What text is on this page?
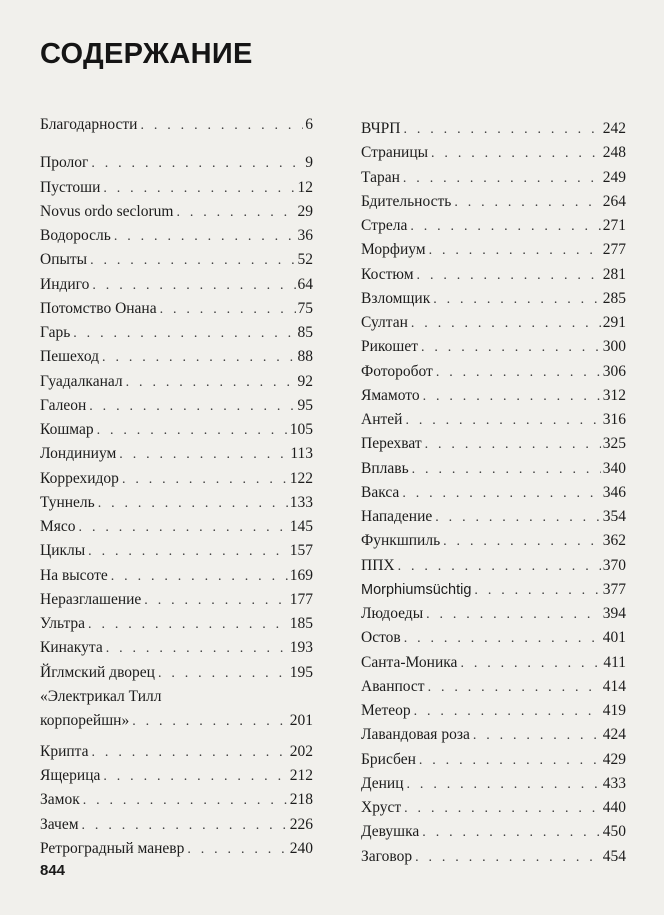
СОДЕРЖАНИЕ
Благодарности . . .	6
Пролог . . .	9
Пустоши . . .	12
Novus ordo seclorum . . .	29
Водоросль . . .	36
Опыты . . .	52
Индиго . . .	64
Потомство Онана . . .	75
Гарь . . .	85
Пешеход . . .	88
Гуадалканал . . .	92
Галеон . . .	95
Кошмар . . .	105
Лондиниум . . .	113
Коррехидор . . .	122
Туннель . . .	133
Мясо . . .	145
Циклы . . .	157
На высоте . . .	169
Неразглашение . . .	177
Ультра . . .	185
Кинакута . . .	193
Йглмский дворец . . .	195
«Электрикал Тилл
корпорейшн» . . .	201
Крипта . . .	202
Ящерица . . .	212
Замок . . .	218
Зачем . . .	226
Ретроградный маневр . . .	240
ВЧРП . . .	242
Страницы . . .	248
Таран . . .	249
Бдительность . . .	264
Стрела . . .	271
Морфиум . . .	277
Костюм . . .	281
Взломщик . . .	285
Султан . . .	291
Рикошет . . .	300
Фоторобот . . .	306
Ямамото . . .	312
Антей . . .	316
Перехват . . .	325
Вплавь . . .	340
Вакса . . .	346
Нападение . . .	354
Функшпиль . . .	362
ППХ . . .	370
Morphiumsüchtig . . .	377
Людоеды . . .	394
Остов . . .	401
Санта-Моника . . .	411
Аванпост . . .	414
Метеор . . .	419
Лавандовая роза . . .	424
Брисбен . . .	429
Дениц . . .	433
Хруст . . .	440
Девушка . . .	450
Заговор . . .	454
844
